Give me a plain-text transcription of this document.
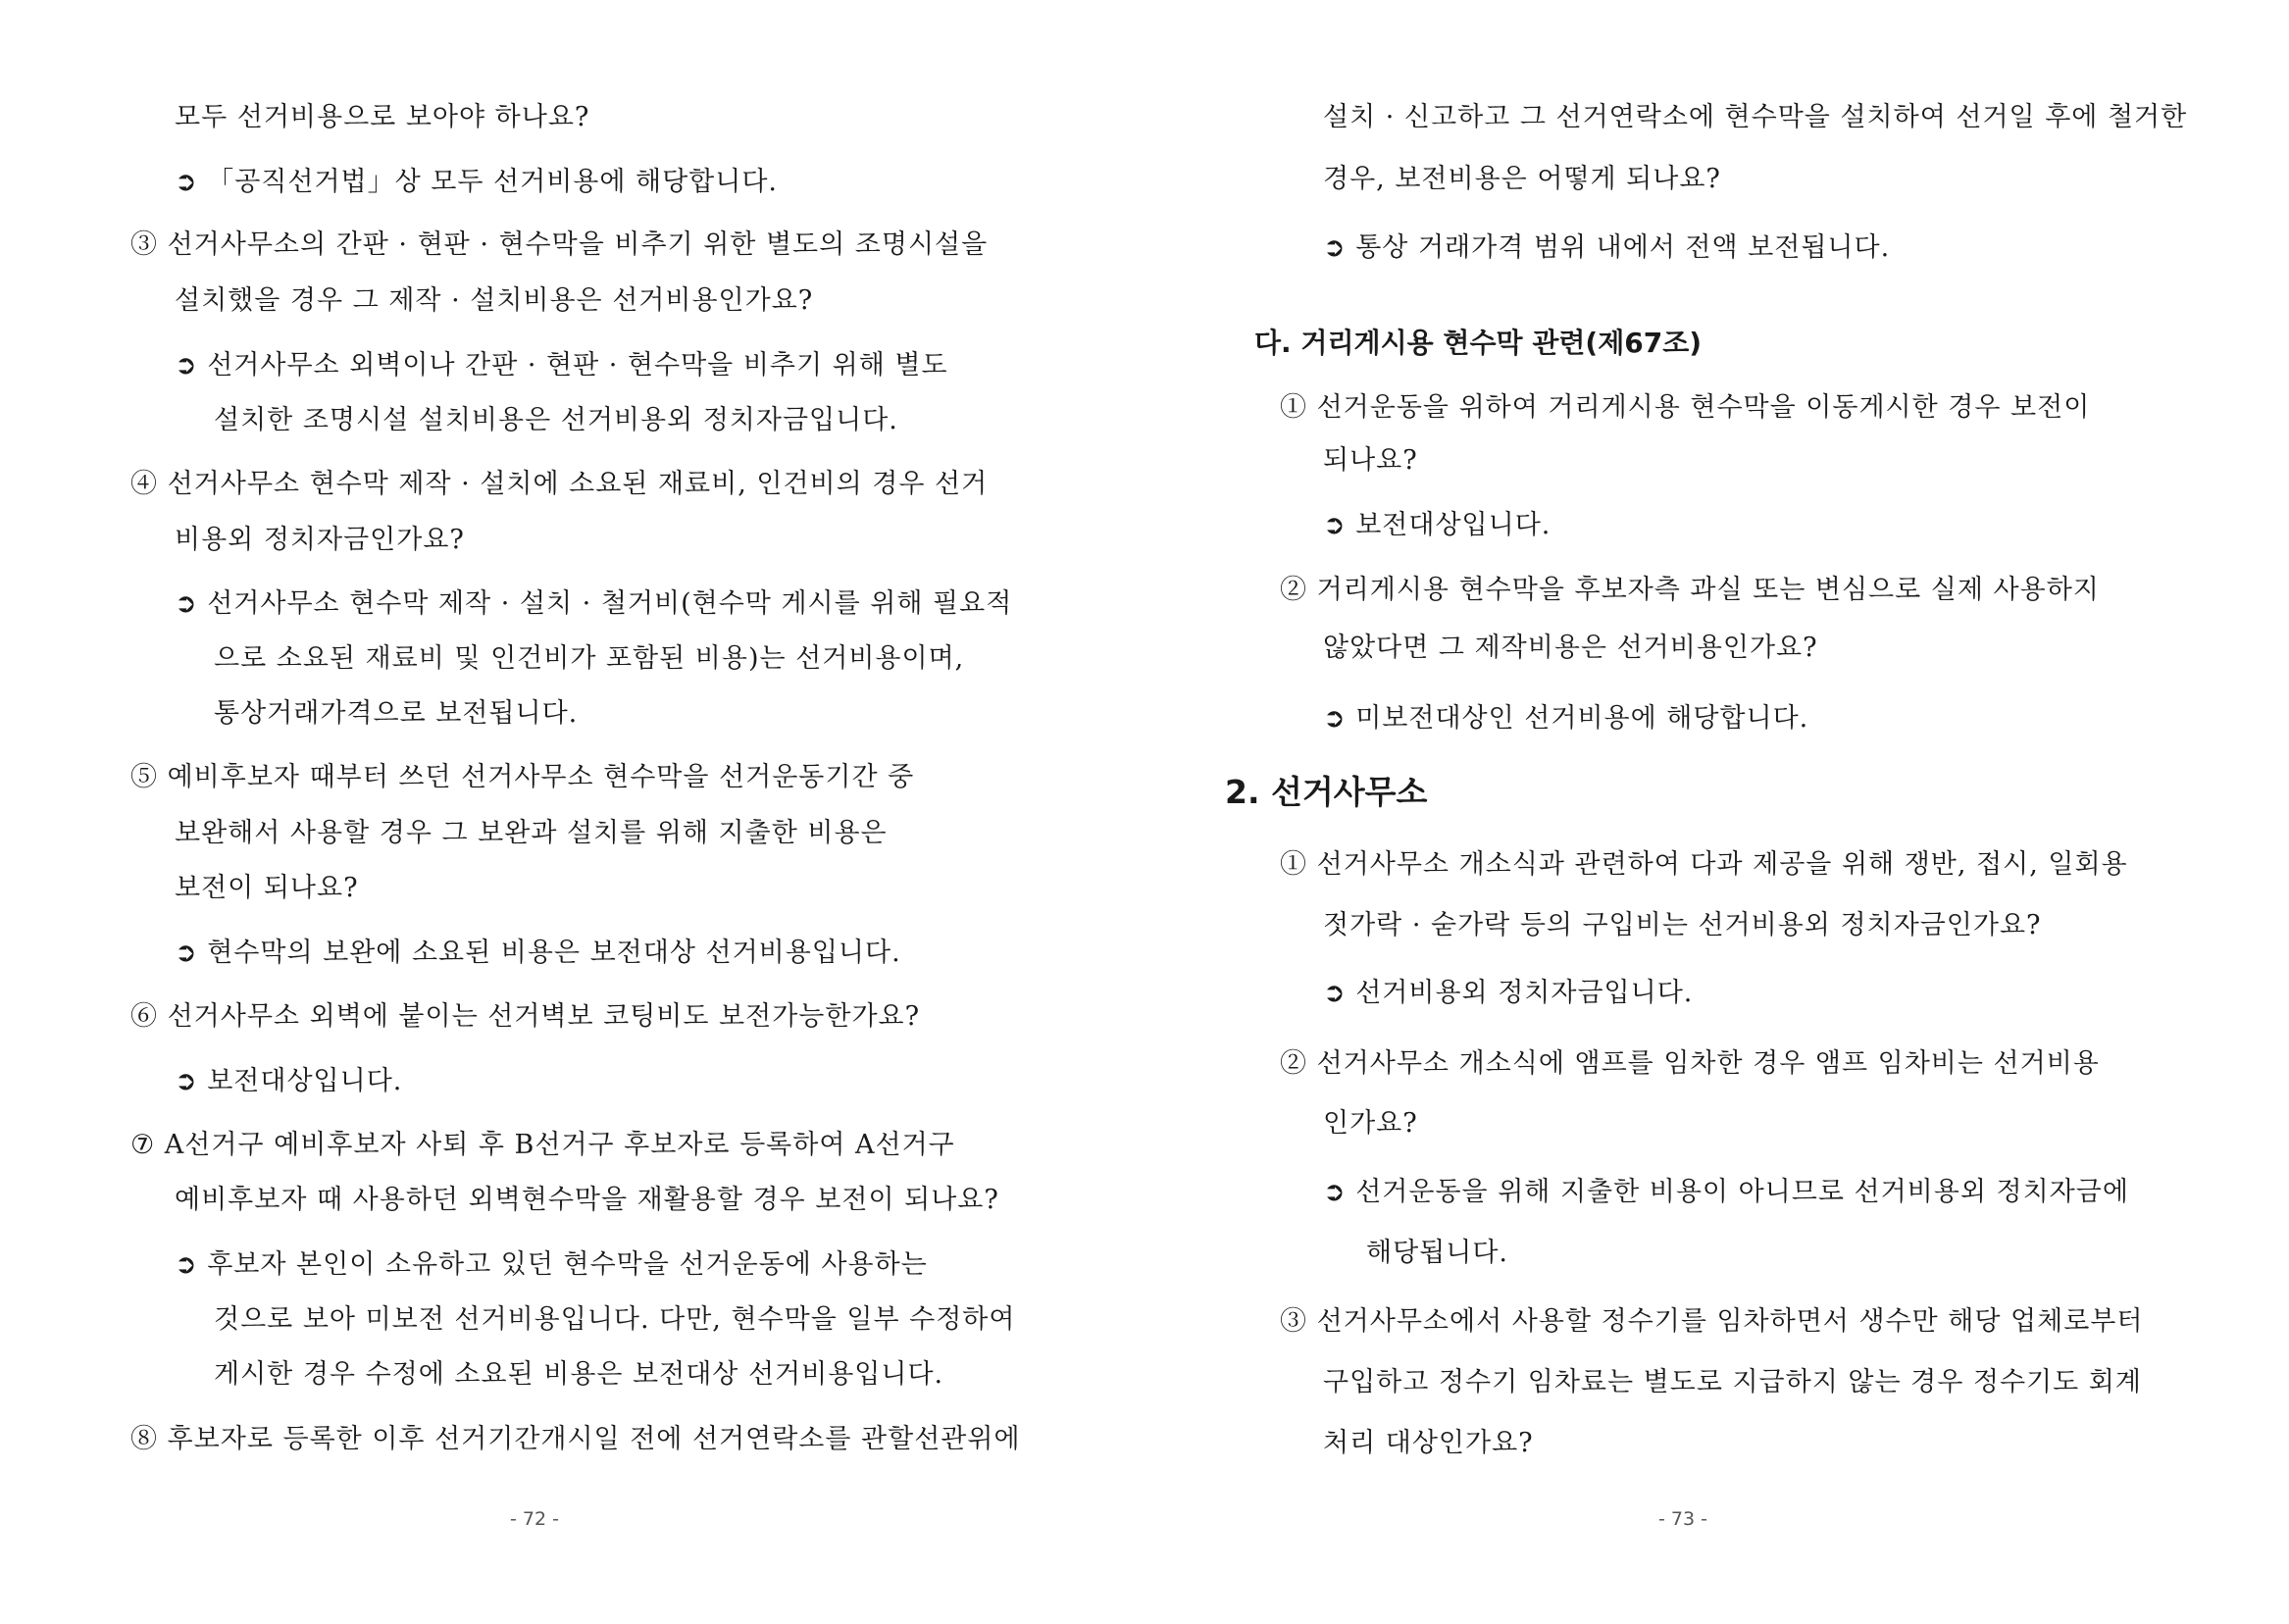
모두 선거비용으로 보아야 하나요?
➲ 「공직선거법」상 모두 선거비용에 해당합니다.
③ 선거사무소의 간판 · 현판 · 현수막을 비추기 위한 별도의 조명시설을
설치했을 경우 그 제작 · 설치비용은 선거비용인가요?
➲ 선거사무소 외벽이나 간판 · 현판 · 현수막을 비추기 위해 별도
설치한 조명시설 설치비용은 선거비용외 정치자금입니다.
④ 선거사무소 현수막 제작 · 설치에 소요된 재료비, 인건비의 경우 선거
비용외 정치자금인가요?
➲ 선거사무소 현수막 제작 · 설치 · 철거비(현수막 게시를 위해 필요적
으로 소요된 재료비 및 인건비가 포함된 비용)는 선거비용이며,
통상거래가격으로 보전됩니다.
⑤ 예비후보자 때부터 쓰던 선거사무소 현수막을 선거운동기간 중
보완해서 사용할 경우 그 보완과 설치를 위해 지출한 비용은
보전이 되나요?
➲ 현수막의 보완에 소요된 비용은 보전대상 선거비용입니다.
⑥ 선거사무소 외벽에 붙이는 선거벽보 코팅비도 보전가능한가요?
➲ 보전대상입니다.
⑦ A선거구 예비후보자 사퇴 후 B선거구 후보자로 등록하여 A선거구
예비후보자 때 사용하던 외벽현수막을 재활용할 경우 보전이 되나요?
➲ 후보자 본인이 소유하고 있던 현수막을 선거운동에 사용하는
것으로 보아 미보전 선거비용입니다. 다만, 현수막을 일부 수정하여
게시한 경우 수정에 소요된 비용은 보전대상 선거비용입니다.
⑧ 후보자로 등록한 이후 선거기간개시일 전에 선거연락소를 관할선관위에
- 72 -
설치 · 신고하고 그 선거연락소에 현수막을 설치하여 선거일 후에 철거한
경우, 보전비용은 어떻게 되나요?
➲ 통상 거래가격 범위 내에서 전액 보전됩니다.
다. 거리게시용 현수막 관련(제67조)
① 선거운동을 위하여 거리게시용 현수막을 이동게시한 경우 보전이
되나요?
➲ 보전대상입니다.
② 거리게시용 현수막을 후보자측 과실 또는 변심으로 실제 사용하지
않았다면 그 제작비용은 선거비용인가요?
➲ 미보전대상인 선거비용에 해당합니다.
2. 선거사무소
① 선거사무소 개소식과 관련하여 다과 제공을 위해 쟁반, 접시, 일회용
젓가락 · 숟가락 등의 구입비는 선거비용외 정치자금인가요?
➲ 선거비용외 정치자금입니다.
② 선거사무소 개소식에 앰프를 임차한 경우 앰프 임차비는 선거비용
인가요?
➲ 선거운동을 위해 지출한 비용이 아니므로 선거비용외 정치자금에
해당됩니다.
③ 선거사무소에서 사용할 정수기를 임차하면서 생수만 해당 업체로부터
구입하고 정수기 임차료는 별도로 지급하지 않는 경우 정수기도 회계
처리 대상인가요?
- 73 -
